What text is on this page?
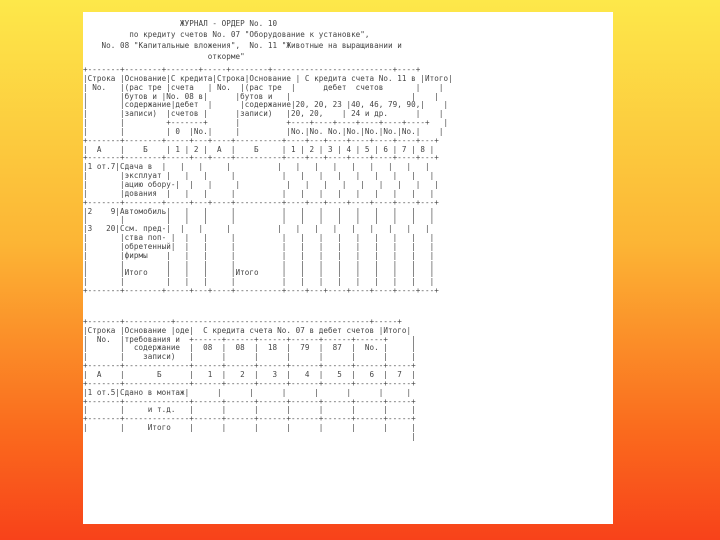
ЖУРНАЛ - ОРДЕР No. 10
по кредиту счетов No. 07 "Оборудование к установке",
No. 08 "Капитальные вложения",  No. 11 "Животные на выращивании и
откорме"
+-------+--------+-------+-----+--------+--------------------------+----+
|Строка |Основание|С кредита|Строка|Основание | С кредита счета No. 11 в |Итого|
| No.   |(рас тре |счета   | No.  |(рас тре  |      дебет  счетов       |    |
|       |бутов и |No. 08 в|      |бутов и   |                          |    |
|       |содержание|дебет  |      |содержание|20, 20, 23 |40, 46, 79, 90,|    |
|       |записи)  |счетов |      |записи)   |20, 20,    | 24 и др.      |    |
|       |         +-------+      |          +----+----+----+----+----+----+   |
|       |         | 0  |No.|     |          |No.|No. No.|No.|No.|No.|No.|    |
+-------+--------+-----+---+----+----------+----+---+----+----+----+----+---+
|  А    |    Б    | 1 | 2 |  А  |    Б     | 1 | 2 | 3 | 4 | 5 | 6 | 7 | 8 |
+-------+--------+-----+---+----+----------+----+---+----+----+----+----+---+
|1 от.7|Сдача в  |   |   |     |          |   |   |   |   |   |   |   |   |
|       |эксплуат |   |   |     |          |   |   |   |   |   |   |   |   |
|       |ацию обору-|  |   |     |          |   |   |   |   |   |   |   |   |
|       |дования  |   |   |     |          |   |   |   |   |   |   |   |   |
+-------+--------+-----+---+----+----------+----+---+----+----+----+----+---+
|2    9|Автомобиль|   |   |     |          |   |   |   |   |   |   |   |   |
|       |         |   |   |     |          |   |   |   |   |   |   |   |   |
|3   20|Ссм. пред-|  |   |     |          |   |   |   |   |   |   |   |   |
|       |ства поп- |  |   |     |          |   |   |   |   |   |   |   |   |
|       |обретенный|  |   |     |          |   |   |   |   |   |   |   |   |
|       |фирмы    |   |   |     |          |   |   |   |   |   |   |   |   |
|       |         |   |   |     |          |   |   |   |   |   |   |   |   |
|       |Итого    |   |   |     |Итого     |   |   |   |   |   |   |   |   |
|       |         |   |   |     |          |   |   |   |   |   |   |   |   |
+-------+--------+-----+---+----+----------+----+---+----+----+----+----+---+
+-------+----------+------------------------------------------+-----+
|Строка |Основание |оде|  С кредита счета No. 07 в дебет счетов |Итого|
|  No.  |требования и  +------+------+------+------+------+------+     |
|       |  содержание  |  08  |  08  |  18  |  79  |  87  |  No. |     |
|       |    записи)   |      |      |      |      |      |      |     |
+-------+--------------+------+------+------+------+------+------+-----+
|  А    |       Б      |   1  |   2  |   3  |   4  |   5  |   6  |  7  |
+-------+--------------+------+------+------+------+------+------+-----+
|1 от.5|Сдано в монтаж|      |      |      |      |      |      |     |
+-------+--------------+------+------+------+------+------+------+-----+
|       |     и т.д.   |      |      |      |      |      |      |     |
+-------+--------------+------+------+------+------+------+------+-----+
|       |     Итого    |      |      |      |      |      |      |     |
|
